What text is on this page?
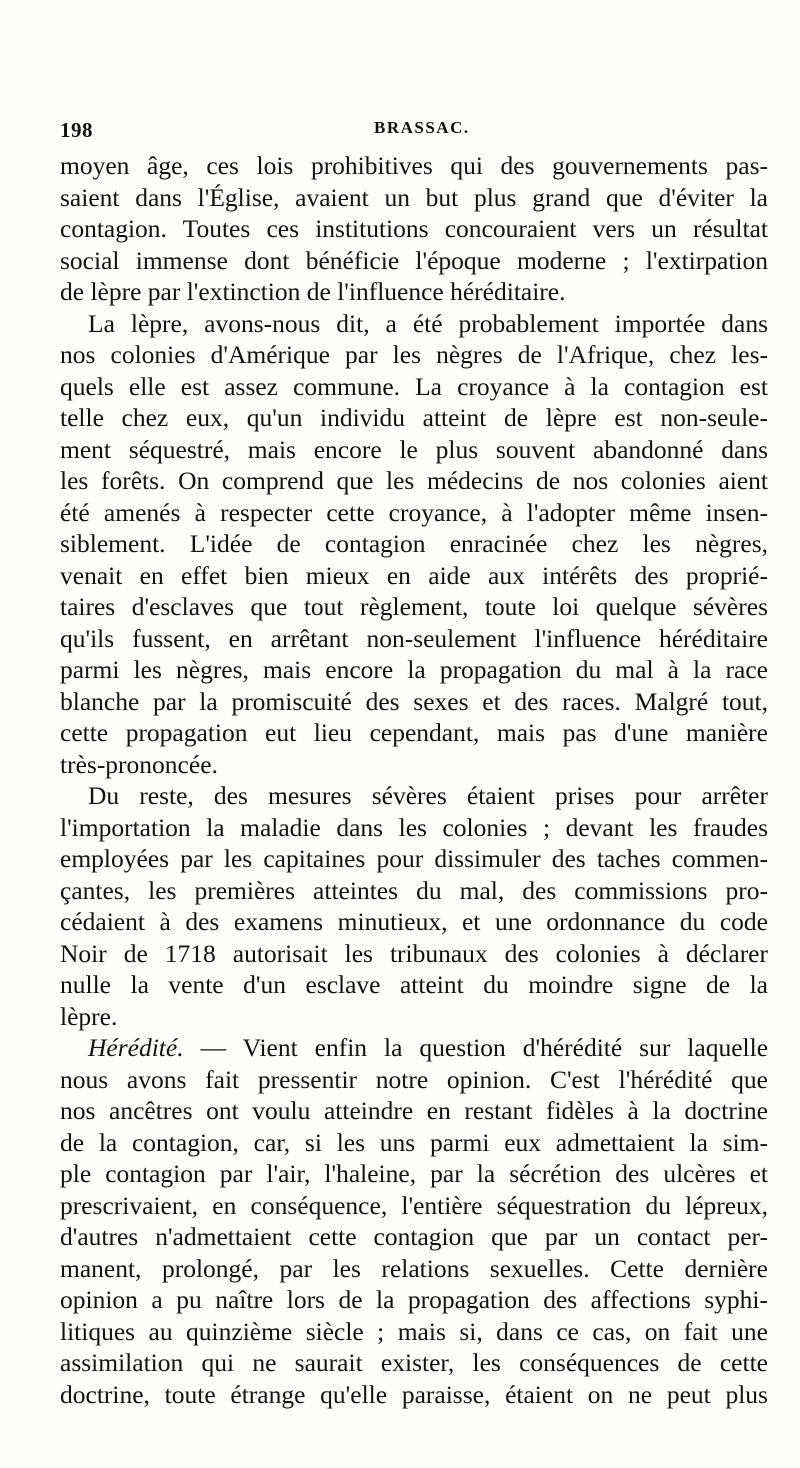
198	BRASSAC.
moyen âge, ces lois prohibitives qui des gouvernements pas-
saient dans l'Église, avaient un but plus grand que d'éviter la
contagion. Toutes ces institutions concouraient vers un résultat
social immense dont bénéficie l'époque moderne ; l'extirpation
de lèpre par l'extinction de l'influence héréditaire.
La lèpre, avons-nous dit, a été probablement importée dans
nos colonies d'Amérique par les nègres de l'Afrique, chez les-
quels elle est assez commune. La croyance à la contagion est
telle chez eux, qu'un individu atteint de lèpre est non-seule-
ment séquestré, mais encore le plus souvent abandonné dans
les forêts. On comprend que les médecins de nos colonies aient
été amenés à respecter cette croyance, à l'adopter même insen-
siblement. L'idée de contagion enracinée chez les nègres,
venait en effet bien mieux en aide aux intérêts des proprié-
taires d'esclaves que tout règlement, toute loi quelque sévères
qu'ils fussent, en arrêtant non-seulement l'influence héréditaire
parmi les nègres, mais encore la propagation du mal à la race
blanche par la promiscuité des sexes et des races. Malgré tout,
cette propagation eut lieu cependant, mais pas d'une manière
très-prononcée.
Du reste, des mesures sévères étaient prises pour arrêter
l'importation la maladie dans les colonies ; devant les fraudes
employées par les capitaines pour dissimuler des taches commen-
çantes, les premières atteintes du mal, des commissions pro-
cédaient à des examens minutieux, et une ordonnance du code
Noir de 1718 autorisait les tribunaux des colonies à déclarer
nulle la vente d'un esclave atteint du moindre signe de la
lèpre.
Hérédité. — Vient enfin la question d'hérédité sur laquelle
nous avons fait pressentir notre opinion. C'est l'hérédité que
nos ancêtres ont voulu atteindre en restant fidèles à la doctrine
de la contagion, car, si les uns parmi eux admettaient la sim-
ple contagion par l'air, l'haleine, par la sécrétion des ulcères et
prescrivaient, en conséquence, l'entière séquestration du lépreux,
d'autres n'admettaient cette contagion que par un contact per-
manent, prolongé, par les relations sexuelles. Cette dernière
opinion a pu naître lors de la propagation des affections syphi-
litiques au quinzième siècle ; mais si, dans ce cas, on fait une
assimilation qui ne saurait exister, les conséquences de cette
doctrine, toute étrange qu'elle paraisse, étaient on ne peut plus
